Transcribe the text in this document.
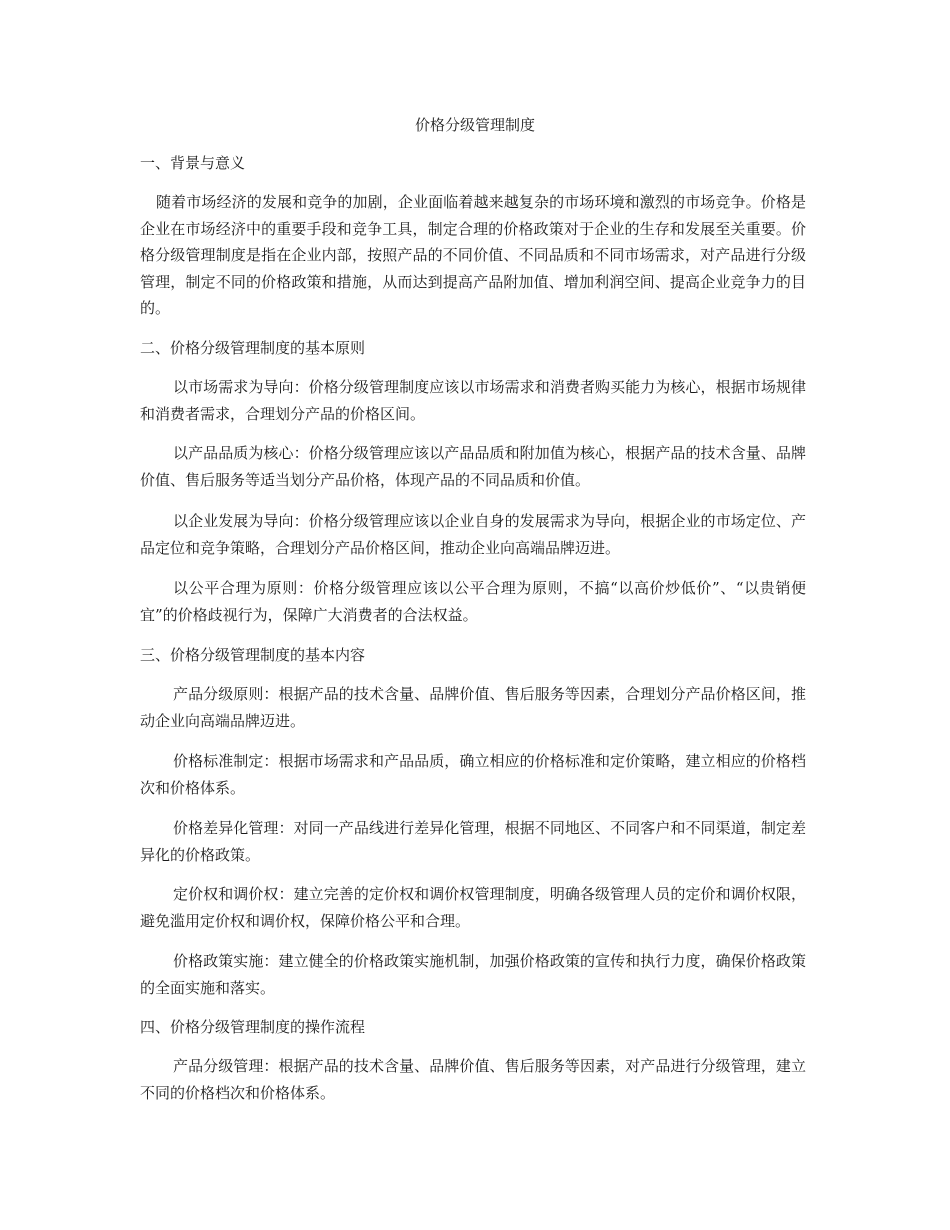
价格分级管理制度
一、背景与意义

随着市场经济的发展和竞争的加剧，企业面临着越来越复杂的市场环境和激烈的市场竞争。价格是企业在市场经济中的重要手段和竞争工具，制定合理的价格政策对于企业的生存和发展至关重要。价格分级管理制度是指在企业内部，按照产品的不同价值、不同品质和不同市场需求，对产品进行分级管理，制定不同的价格政策和措施，从而达到提高产品附加值、增加利润空间、提高企业竞争力的目的。

二、价格分级管理制度的基本原则

以市场需求为导向：价格分级管理制度应该以市场需求和消费者购买能力为核心，根据市场规律和消费者需求，合理划分产品的价格区间。

以产品品质为核心：价格分级管理应该以产品品质和附加值为核心，根据产品的技术含量、品牌价值、售后服务等适当划分产品价格，体现产品的不同品质和价值。

以企业发展为导向：价格分级管理应该以企业自身的发展需求为导向，根据企业的市场定位、产品定位和竞争策略，合理划分产品价格区间，推动企业向高端品牌迈进。

以公平合理为原则：价格分级管理应该以公平合理为原则，不搞“以高价炒低价”、“以贵销便宜”的价格歧视行为，保障广大消费者的合法权益。

三、价格分级管理制度的基本内容

产品分级原则：根据产品的技术含量、品牌价值、售后服务等因素，合理划分产品价格区间，推动企业向高端品牌迈进。

价格标准制定：根据市场需求和产品品质，确立相应的价格标准和定价策略，建立相应的价格档次和价格体系。

价格差异化管理：对同一产品线进行差异化管理，根据不同地区、不同客户和不同渠道，制定差异化的价格政策。

定价权和调价权：建立完善的定价权和调价权管理制度，明确各级管理人员的定价和调价权限，避免滥用定价权和调价权，保障价格公平和合理。

价格政策实施：建立健全的价格政策实施机制，加强价格政策的宣传和执行力度，确保价格政策的全面实施和落实。

四、价格分级管理制度的操作流程

产品分级管理：根据产品的技术含量、品牌价值、售后服务等因素，对产品进行分级管理，建立不同的价格档次和价格体系。
